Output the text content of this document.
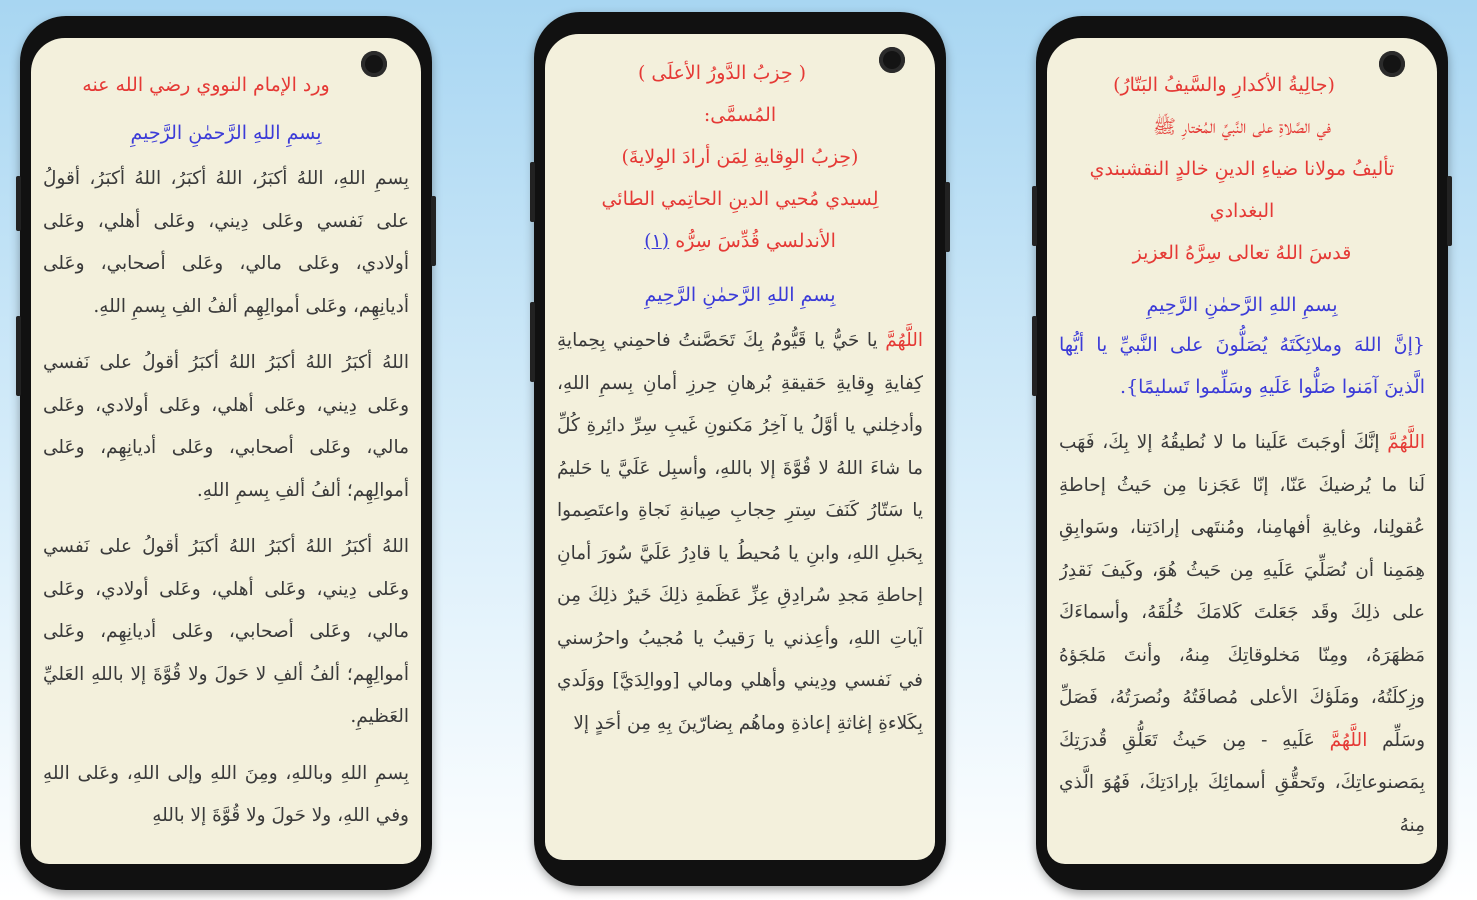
ورد الإمام النووي رضي الله عنه

بِسمِ اللهِ الرَّحمٰنِ الرَّحِيمِ

بِسمِ اللهِ، اللهُ أكبَرُ، اللهُ أكبَرُ، اللهُ أكبَرُ، أقولُ على نَفسي وعَلى دِيني، وعَلى أهلي، وعَلى أولادي، وعَلى مالي، وعَلى أصحابي، وعَلى أديانِهِم، وعَلى أموالِهِم ألفُ الفِ بِسمِ اللهِ.

اللهُ أكبَرُ اللهُ أكبَرُ اللهُ أكبَرُ أقولُ على نَفسي وعَلى دِيني، وعَلى أهلي، وعَلى أولادي، وعَلى مالي، وعَلى أصحابي، وعَلى أديانِهِم، وعَلى أموالِهِم؛ ألفُ ألفِ بِسمِ اللهِ.

اللهُ أكبَرُ اللهُ أكبَرُ اللهُ أكبَرُ أقولُ على نَفسي وعَلى دِيني، وعَلى أهلي، وعَلى أولادي، وعَلى مالي، وعَلى أصحابي، وعَلى أديانِهِم، وعَلى أموالِهِم؛ ألفُ ألفِ لا حَولَ ولا قُوَّةَ إلا باللهِ العَليِّ العَظيمِ.

بِسمِ اللهِ وباللهِ، ومِنَ اللهِ وإلى اللهِ، وعَلى اللهِ وفي اللهِ، ولا حَولَ ولا قُوَّةَ إلا باللهِ

( حِزبُ الدَّورُ الأعلَى )

المُسمَّى:

(حِزبُ الوِقايةِ لِمَن أرادَ الوِلايةَ)

لِسيدي مُحيي الدينِ الحاتِمي الطائي

الأندلسي قُدِّسَ سِرُّه (١)

بِسمِ اللهِ الرَّحمٰنِ الرَّحِيمِ

اللَّهُمَّ يا حَيُّ يا قَيُّومُ بِكَ تَحَصَّنتُ فاحمِني بِحِمايةِ كِفايةِ وِقايةِ حَقيقةِ بُرهانِ حِرزِ أمانِ بِسمِ اللهِ، وأدخِلني يا أوَّلُ يا آخِرُ مَكنونِ غَيبِ سِرِّ دائِرةِ كُلِّ ما شاءَ اللهُ لا قُوَّةَ إلا باللهِ، وأسبِل عَلَيَّ يا حَليمُ يا سَتّارُ كَنَفَ سِترِ حِجابِ صِيانةِ نَجاةِ واعتَصِموا بِحَبلِ اللهِ، وابنِ يا مُحيطُ يا قادِرُ عَلَيَّ سُورَ أمانِ إحاطةِ مَجدِ سُرادِقِ عِزِّ عَظَمةِ ذلِكَ خَيرٌ ذلِكَ مِن آياتِ اللهِ، وأعِذني يا رَقيبُ يا مُجيبُ واحرُسني في نَفسي ودِيني وأهلي ومالي [ووالِدَيَّ] ووَلَدي بِكَلاءةِ إغاثةِ إعاذةِ وماهُم بِضارّينَ بِهِ مِن أحَدٍ إلا

(جالِيةُ الأكدارِ والسَّيفُ البَتّارُ)

في الصَّلاةِ على النَّبيِّ المُختارِ ﷺ

تأليفُ مولانا ضياءِ الدينِ خالدٍ النقشبندي البغدادي

قدسَ اللهُ تعالى سِرَّهُ العزيز

بِسمِ اللهِ الرَّحمٰنِ الرَّحِيمِ

{إنَّ اللهَ وملائِكَتَهُ يُصَلُّونَ على النَّبيِّ يا أيُّها الَّذينَ آمَنوا صَلُّوا عَلَيهِ وسَلِّموا تَسليمًا}.

اللَّهُمَّ إنَّكَ أوجَبتَ عَلَينا ما لا نُطيقُهُ إلا بِكَ، فَهَب لَنا ما يُرضيكَ عَنّا، إنّا عَجَزنا مِن حَيثُ إحاطةِ عُقولِنا، وغايةِ أفهامِنا، ومُنتَهى إرادَتِنا، وسَوابِقِ هِمَمِنا أن نُصَلِّيَ عَلَيهِ مِن حَيثُ هُوَ، وكَيفَ نَقدِرُ على ذلِكَ وقَد جَعَلتَ كَلامَكَ خُلُقَهُ، وأسماءَكَ مَظهَرَهُ، ومِنّا مَخلوقاتِكَ مِنهُ، وأنتَ مَلجَؤهُ وزِكلَتُهُ، ومَلَؤكَ الأعلى مُصافَتُهُ ونُصرَتُهُ، فَصَلِّ وسَلِّم اللَّهُمَّ عَلَيهِ - مِن حَيثُ تَعَلُّقِ قُدرَتِكَ بِمَصنوعاتِكَ، وتَحقُّقِ أسمائِكَ بإرادَتِكَ، فَهُوَ الَّذي مِنهُ
